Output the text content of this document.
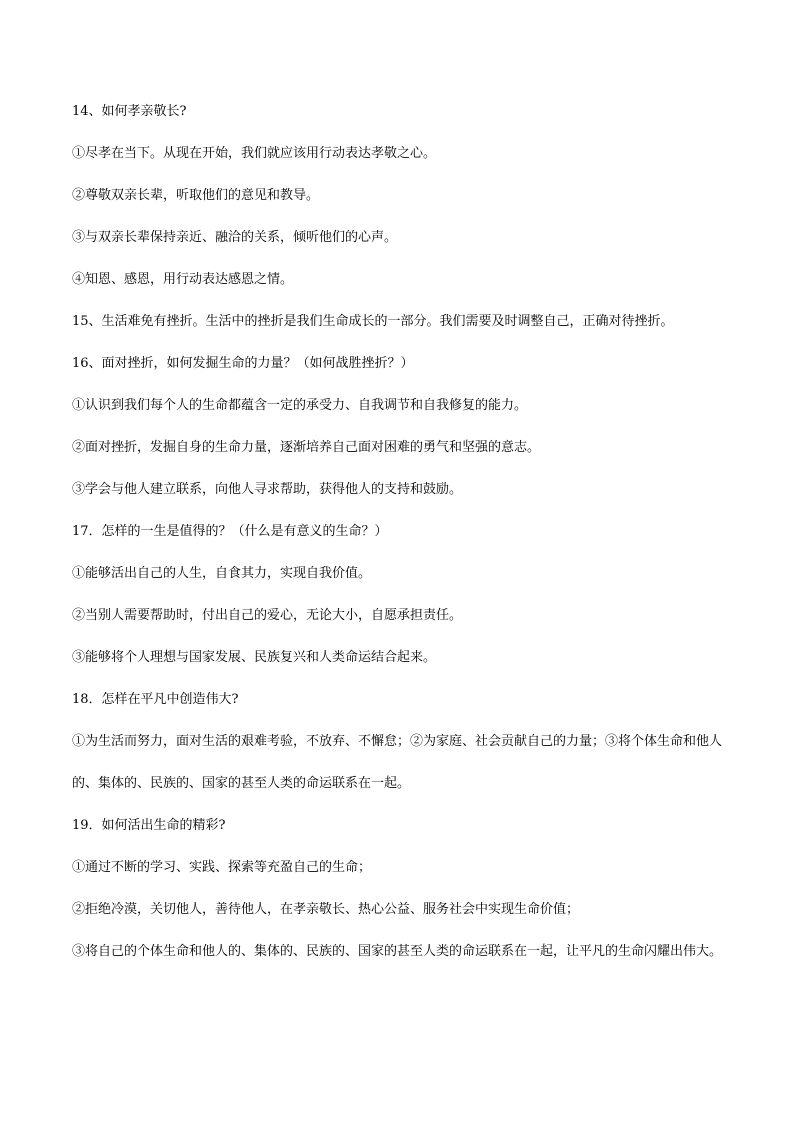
14、如何孝亲敬长?

①尽孝在当下。从现在开始，我们就应该用行动表达孝敬之心。

②尊敬双亲长辈，听取他们的意见和教导。

③与双亲长辈保持亲近、融洽的关系，倾听他们的心声。

④知恩、感恩，用行动表达感恩之情。

15、生活难免有挫折。生活中的挫折是我们生命成长的一部分。我们需要及时调整自己，正确对待挫折。

16、面对挫折，如何发掘生命的力量？（如何战胜挫折？）

①认识到我们每个人的生命都蕴含一定的承受力、自我调节和自我修复的能力。

②面对挫折，发掘自身的生命力量，逐渐培养自己面对困难的勇气和坚强的意志。

③学会与他人建立联系，向他人寻求帮助，获得他人的支持和鼓励。

17．怎样的一生是值得的？（什么是有意义的生命？）

①能够活出自己的人生，自食其力，实现自我价值。

②当别人需要帮助时，付出自己的爱心，无论大小，自愿承担责任。

③能够将个人理想与国家发展、民族复兴和人类命运结合起来。

18．怎样在平凡中创造伟大?

①为生活而努力，面对生活的艰难考验，不放弃、不懈怠；②为家庭、社会贡献自己的力量；③将个体生命和他人的、集体的、民族的、国家的甚至人类的命运联系在一起。

19．如何活出生命的精彩?

①通过不断的学习、实践、探索等充盈自己的生命；

②拒绝冷漠，关切他人，善待他人，在孝亲敬长、热心公益、服务社会中实现生命价值；

③将自己的个体生命和他人的、集体的、民族的、国家的甚至人类的命运联系在一起，让平凡的生命闪耀出伟大。
